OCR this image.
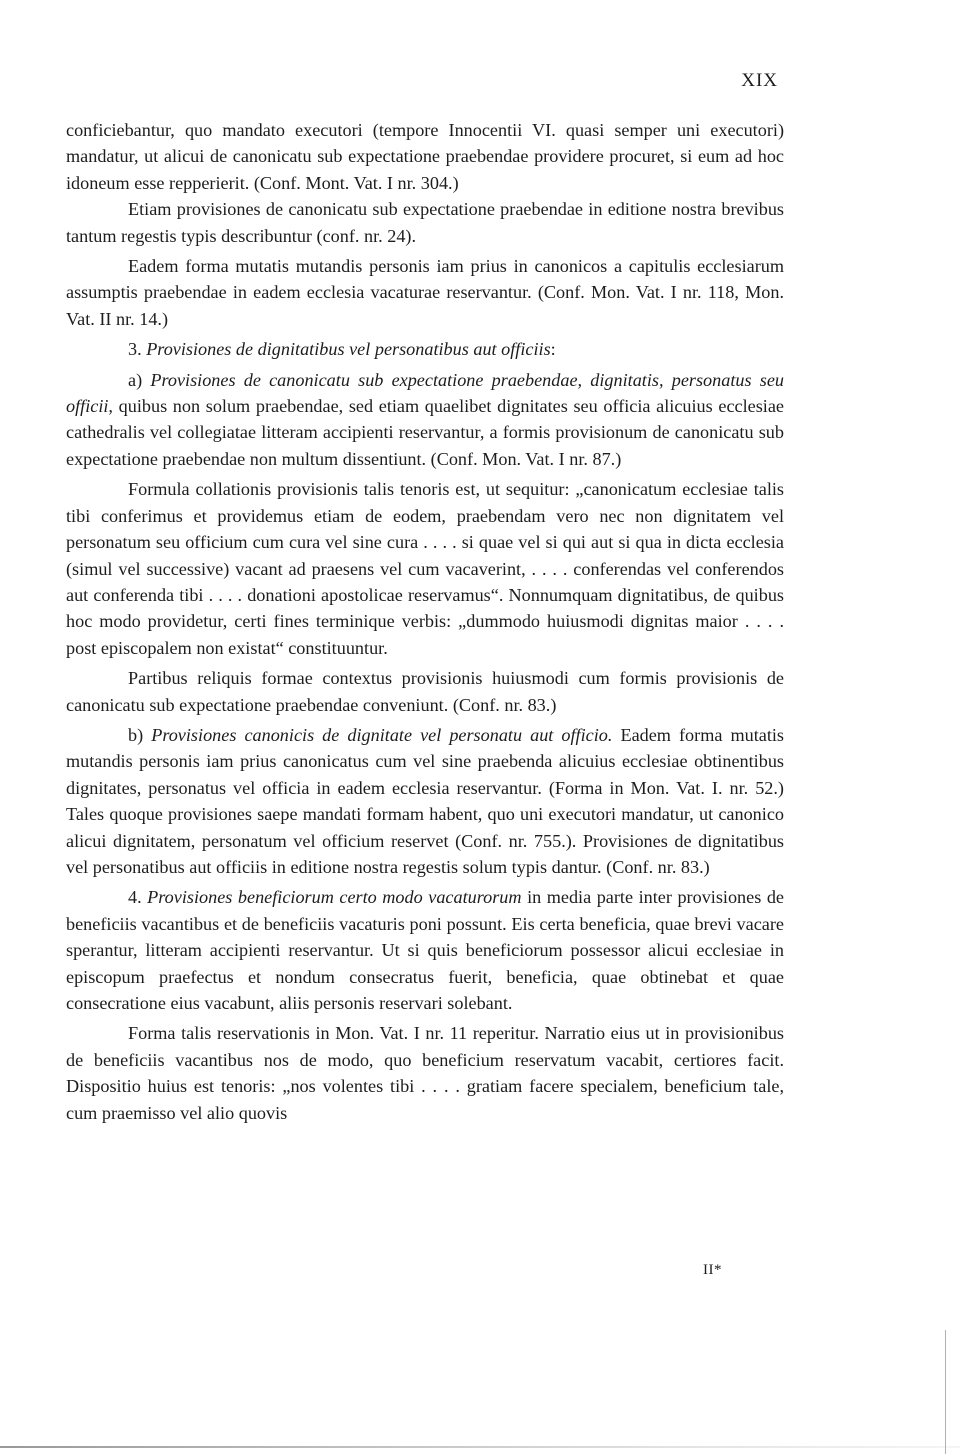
XIX

conficiebantur, quo mandato executori (tempore Innocentii VI. quasi semper uni executori) mandatur, ut alicui de canonicatu sub expectatione praebendae providere procuret, si eum ad hoc idoneum esse repperierit. (Conf. Mont. Vat. I nr. 304.)

Etiam provisiones de canonicatu sub expectatione praebendae in editione nostra brevibus tantum regestis typis describuntur (conf. nr. 24).

Eadem forma mutatis mutandis personis iam prius in canonicos a capitulis ecclesiarum assumptis praebendae in eadem ecclesia vacaturae reservantur. (Conf. Mon. Vat. I nr. 118, Mon. Vat. II nr. 14.)

3. Provisiones de dignitatibus vel personatibus aut officiis:

a) Provisiones de canonicatu sub expectatione praebendae, dignitatis, personatus seu officii, quibus non solum praebendae, sed etiam quaelibet dignitates seu officia alicuius ecclesiae cathedralis vel collegiatae litteram accipienti reservantur, a formis provisionum de canonicatu sub expectatione praebendae non multum dissentiunt. (Conf. Mon. Vat. I nr. 87.)

Formula collationis provisionis talis tenoris est, ut sequitur: „canonicatum ecclesiae talis tibi conferimus et providemus etiam de eodem, praebendam vero nec non dignitatem vel personatum seu officium cum cura vel sine cura . . . . si quae vel si qui aut si qua in dicta ecclesia (simul vel successive) vacant ad praesens vel cum vacaverint, . . . . conferendas vel conferendos aut conferenda tibi . . . . donationi apostolicae reservamus“. Nonnumquam dignitatibus, de quibus hoc modo providetur, certi fines terminique verbis: „dummodo huiusmodi dignitas maior . . . . post episcopalem non existat“ constituuntur.

Partibus reliquis formae contextus provisionis huiusmodi cum formis provisionis de canonicatu sub expectatione praebendae conveniunt. (Conf. nr. 83.)

b) Provisiones canonicis de dignitate vel personatu aut officio. Eadem forma mutatis mutandis personis iam prius canonicatus cum vel sine praebenda alicuius ecclesiae obtinentibus dignitates, personatus vel officia in eadem ecclesia reservantur. (Forma in Mon. Vat. I. nr. 52.) Tales quoque provisiones saepe mandati formam habent, quo uni executori mandatur, ut canonico alicui dignitatem, personatum vel officium reservet (Conf. nr. 755.). Provisiones de dignitatibus vel personatibus aut officiis in editione nostra regestis solum typis dantur. (Conf. nr. 83.)

4. Provisiones beneficiorum certo modo vacaturorum in media parte inter provisiones de beneficiis vacantibus et de beneficiis vacaturis poni possunt. Eis certa beneficia, quae brevi vacare sperantur, litteram accipienti reservantur. Ut si quis beneficiorum possessor alicui ecclesiae in episcopum praefectus et nondum consecratus fuerit, beneficia, quae obtinebat et quae consecratione eius vacabunt, aliis personis reservari solebant.

Forma talis reservationis in Mon. Vat. I nr. 11 reperitur. Narratio eius ut in provisionibus de beneficiis vacantibus nos de modo, quo beneficium reservatum vacabit, certiores facit. Dispositio huius est tenoris: „nos volentes tibi . . . . gratiam facere specialem, beneficium tale, cum praemisso vel alio quovis

II*
